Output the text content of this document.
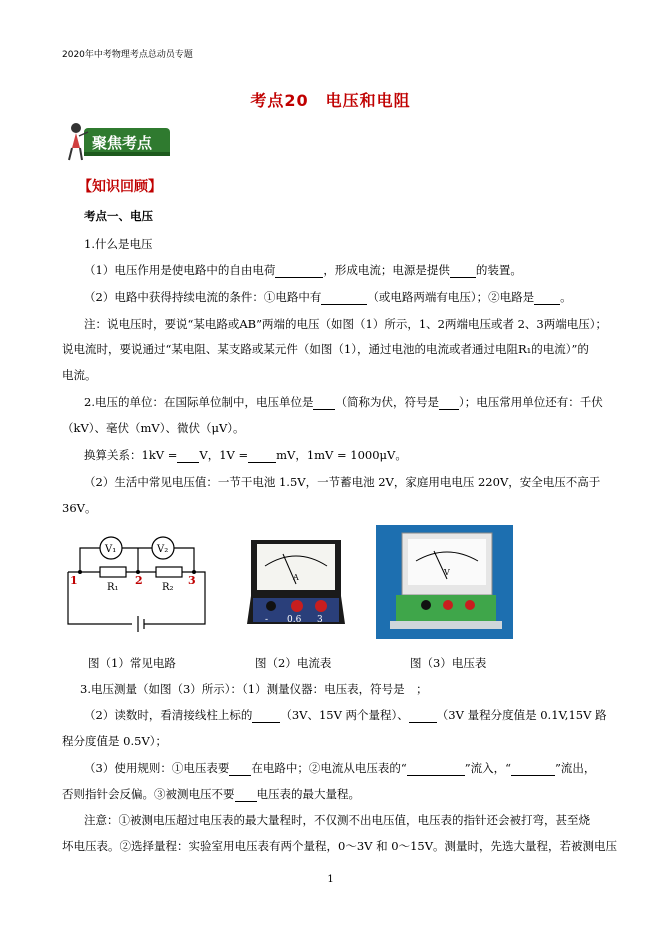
2020年中考物理考点总动员专题
考点20　电压和电阻
聚焦考点
【知识回顾】
考点一、电压
1.什么是电压
（1）电压作用是使电路中的自由电荷	，形成电流；电源是提供 的装置。
（2）电路中获得持续电流的条件：①电路中有	（或电路两端有电压）；②电路是 。
注：说电压时，要说“某电路或AB”两端的电压（如图（1）所示，1、2两端电压或者 2、3两端电压）；
说电流时，要说通过“某电阻、某支路或某元件（如图（1），通过电池的电流或者通过电阻R₁的电流）”的
电流。
2.电压的单位：在国际单位制中，电压单位是 （简称为伏，符号是 ）；电压常用单位还有：千伏
（kV）、毫伏（mV）、微伏（μV）。
换算关系：1kV = V，1V = mV，1mV = 1000μV。
（2）生活中常见电压值：一节干电池 1.5V，一节蓄电池 2V，家庭用电电压 220V，安全电压不高于
36V。
V₁	V₂
R₁	R₂
1	2	3	A
- 0.6 3
V
图（1）常见电路	图（2）电流表	图（3）电压表
3.电压测量（如图（3）所示）：（1）测量仪器：电压表，符号是　；
（2）读数时，看清接线柱上标的 （3V、15V 两个量程）、 （3V 量程分度值是 0.1V,15V 路
程分度值是 0.5V）；
（3）使用规则：①电压表要 在电路中；②电流从电压表的“	”流入，“	”流出，
否则指针会反偏。③被测电压不要 电压表的最大量程。
注意：①被测电压超过电压表的最大量程时，不仅测不出电压值，电压表的指针还会被打弯，甚至烧
坏电压表。②选择量程：实验室用电压表有两个量程，0～3V 和 0～15V。测量时，先选大量程，若被测电压
1
